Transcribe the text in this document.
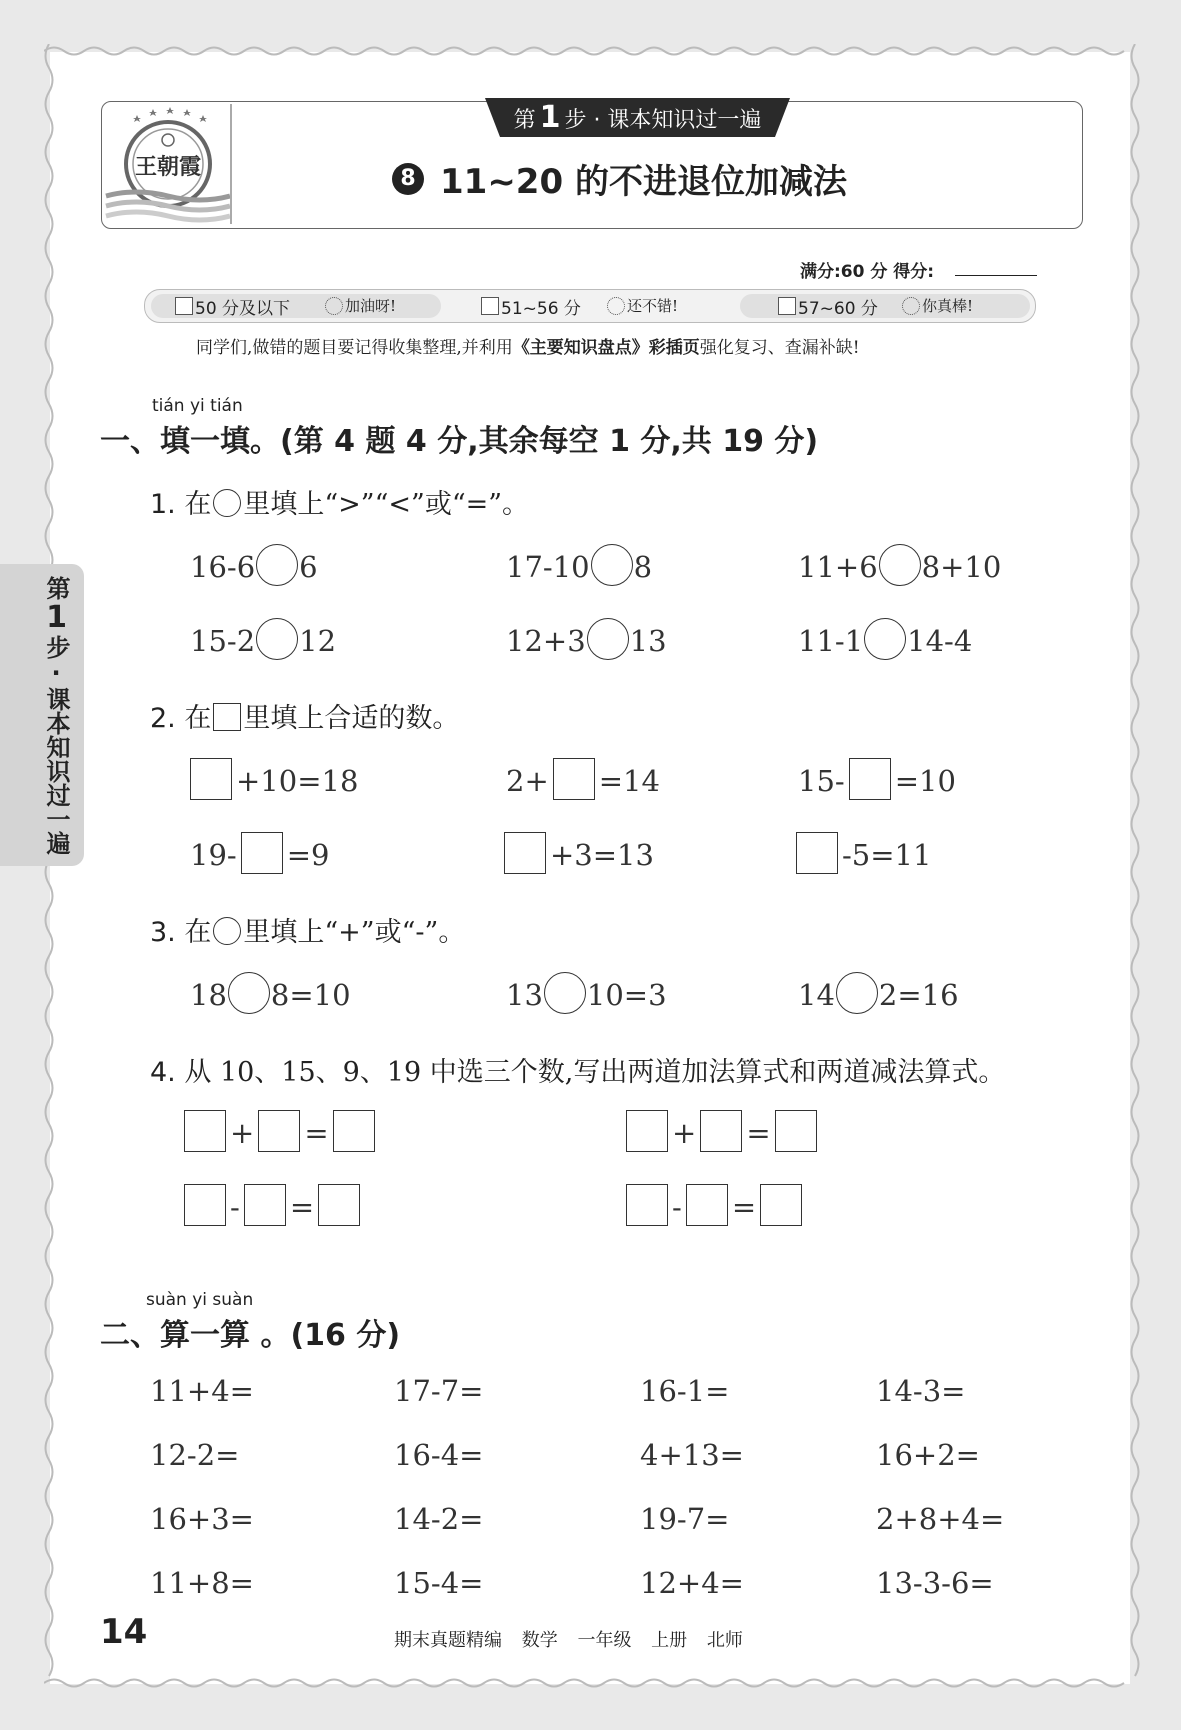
王朝霞
第 1 步 · 课本知识过一遍
8 11~20 的不进退位加减法
满分:60 分 得分:
50 分及以下	加油呀!	51~56 分	还不错!	57~60 分	你真棒!
同学们,做错的题目要记得收集整理,并利用《主要知识盘点》彩插页强化复习、查漏补缺!
第1步·课本知识过一遍
tián yi tián
一、填一填。(第 4 题 4 分,其余每空 1 分,共 19 分)
1. 在 里填上“>”“<”或“=”。
16-6 6	17-10 8	11+6 8+10
15-2 12	12+3 13	11-1 14-4
2. 在 里填上合适的数。
+10=18	2+ =14	15- =10
19- =9	+3=13	-5=11
3. 在 里填上“+”或“-”。
18 8=10	13 10=3	14 2=16
4. 从 10、15、9、19 中选三个数,写出两道加法算式和两道减法算式。
+ =	+ =
- =	- =
suàn yi suàn
二、算一算 。(16 分)
11+4=	17-7=	16-1=	14-3=
12-2=	16-4=	4+13=	16+2=
16+3=	14-2=	19-7=	2+8+4=
11+8=	15-4=	12+4=	13-3-6=
14	期末真题精编 数学 一年级 上册 北师
